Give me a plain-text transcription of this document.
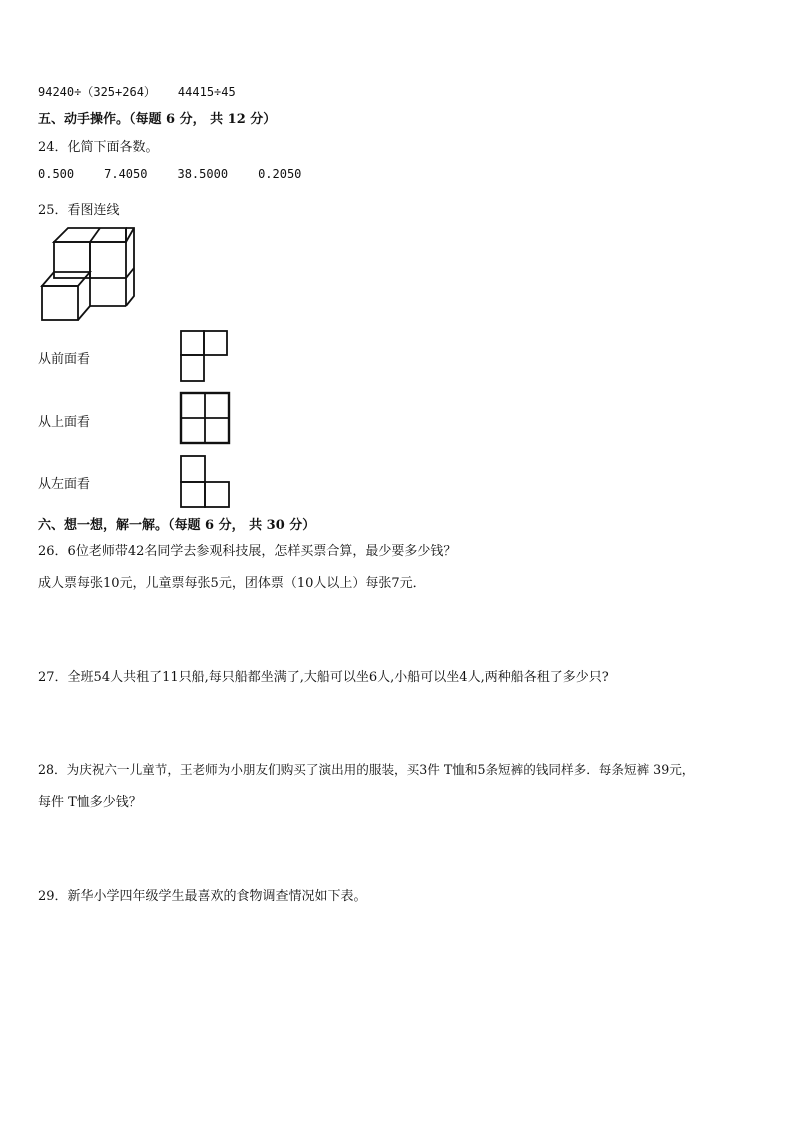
94240÷（325+264） 44415÷45
五、动手操作。（每题 6 分， 共 12 分）
24．化简下面各数。
0.500	7.4050	38.5000	0.2050
25．看图连线
从前面看
从上面看
从左面看
六、想一想，解一解。（每题 6 分， 共 30 分）
26．6位老师带42名同学去参观科技展，怎样买票合算，最少要多少钱？
成人票每张10元，儿童票每张5元，团体票（10人以上）每张7元．
27．全班54人共租了11只船,每只船都坐满了,大船可以坐6人,小船可以坐4人,两种船各租了多少只?
28．为庆祝六一儿童节，王老师为小朋友们购买了演出用的服装，买3件 T恤和5条短裤的钱同样多．每条短裤 39元，
每件 T恤多少钱？
29．新华小学四年级学生最喜欢的食物调查情况如下表。
